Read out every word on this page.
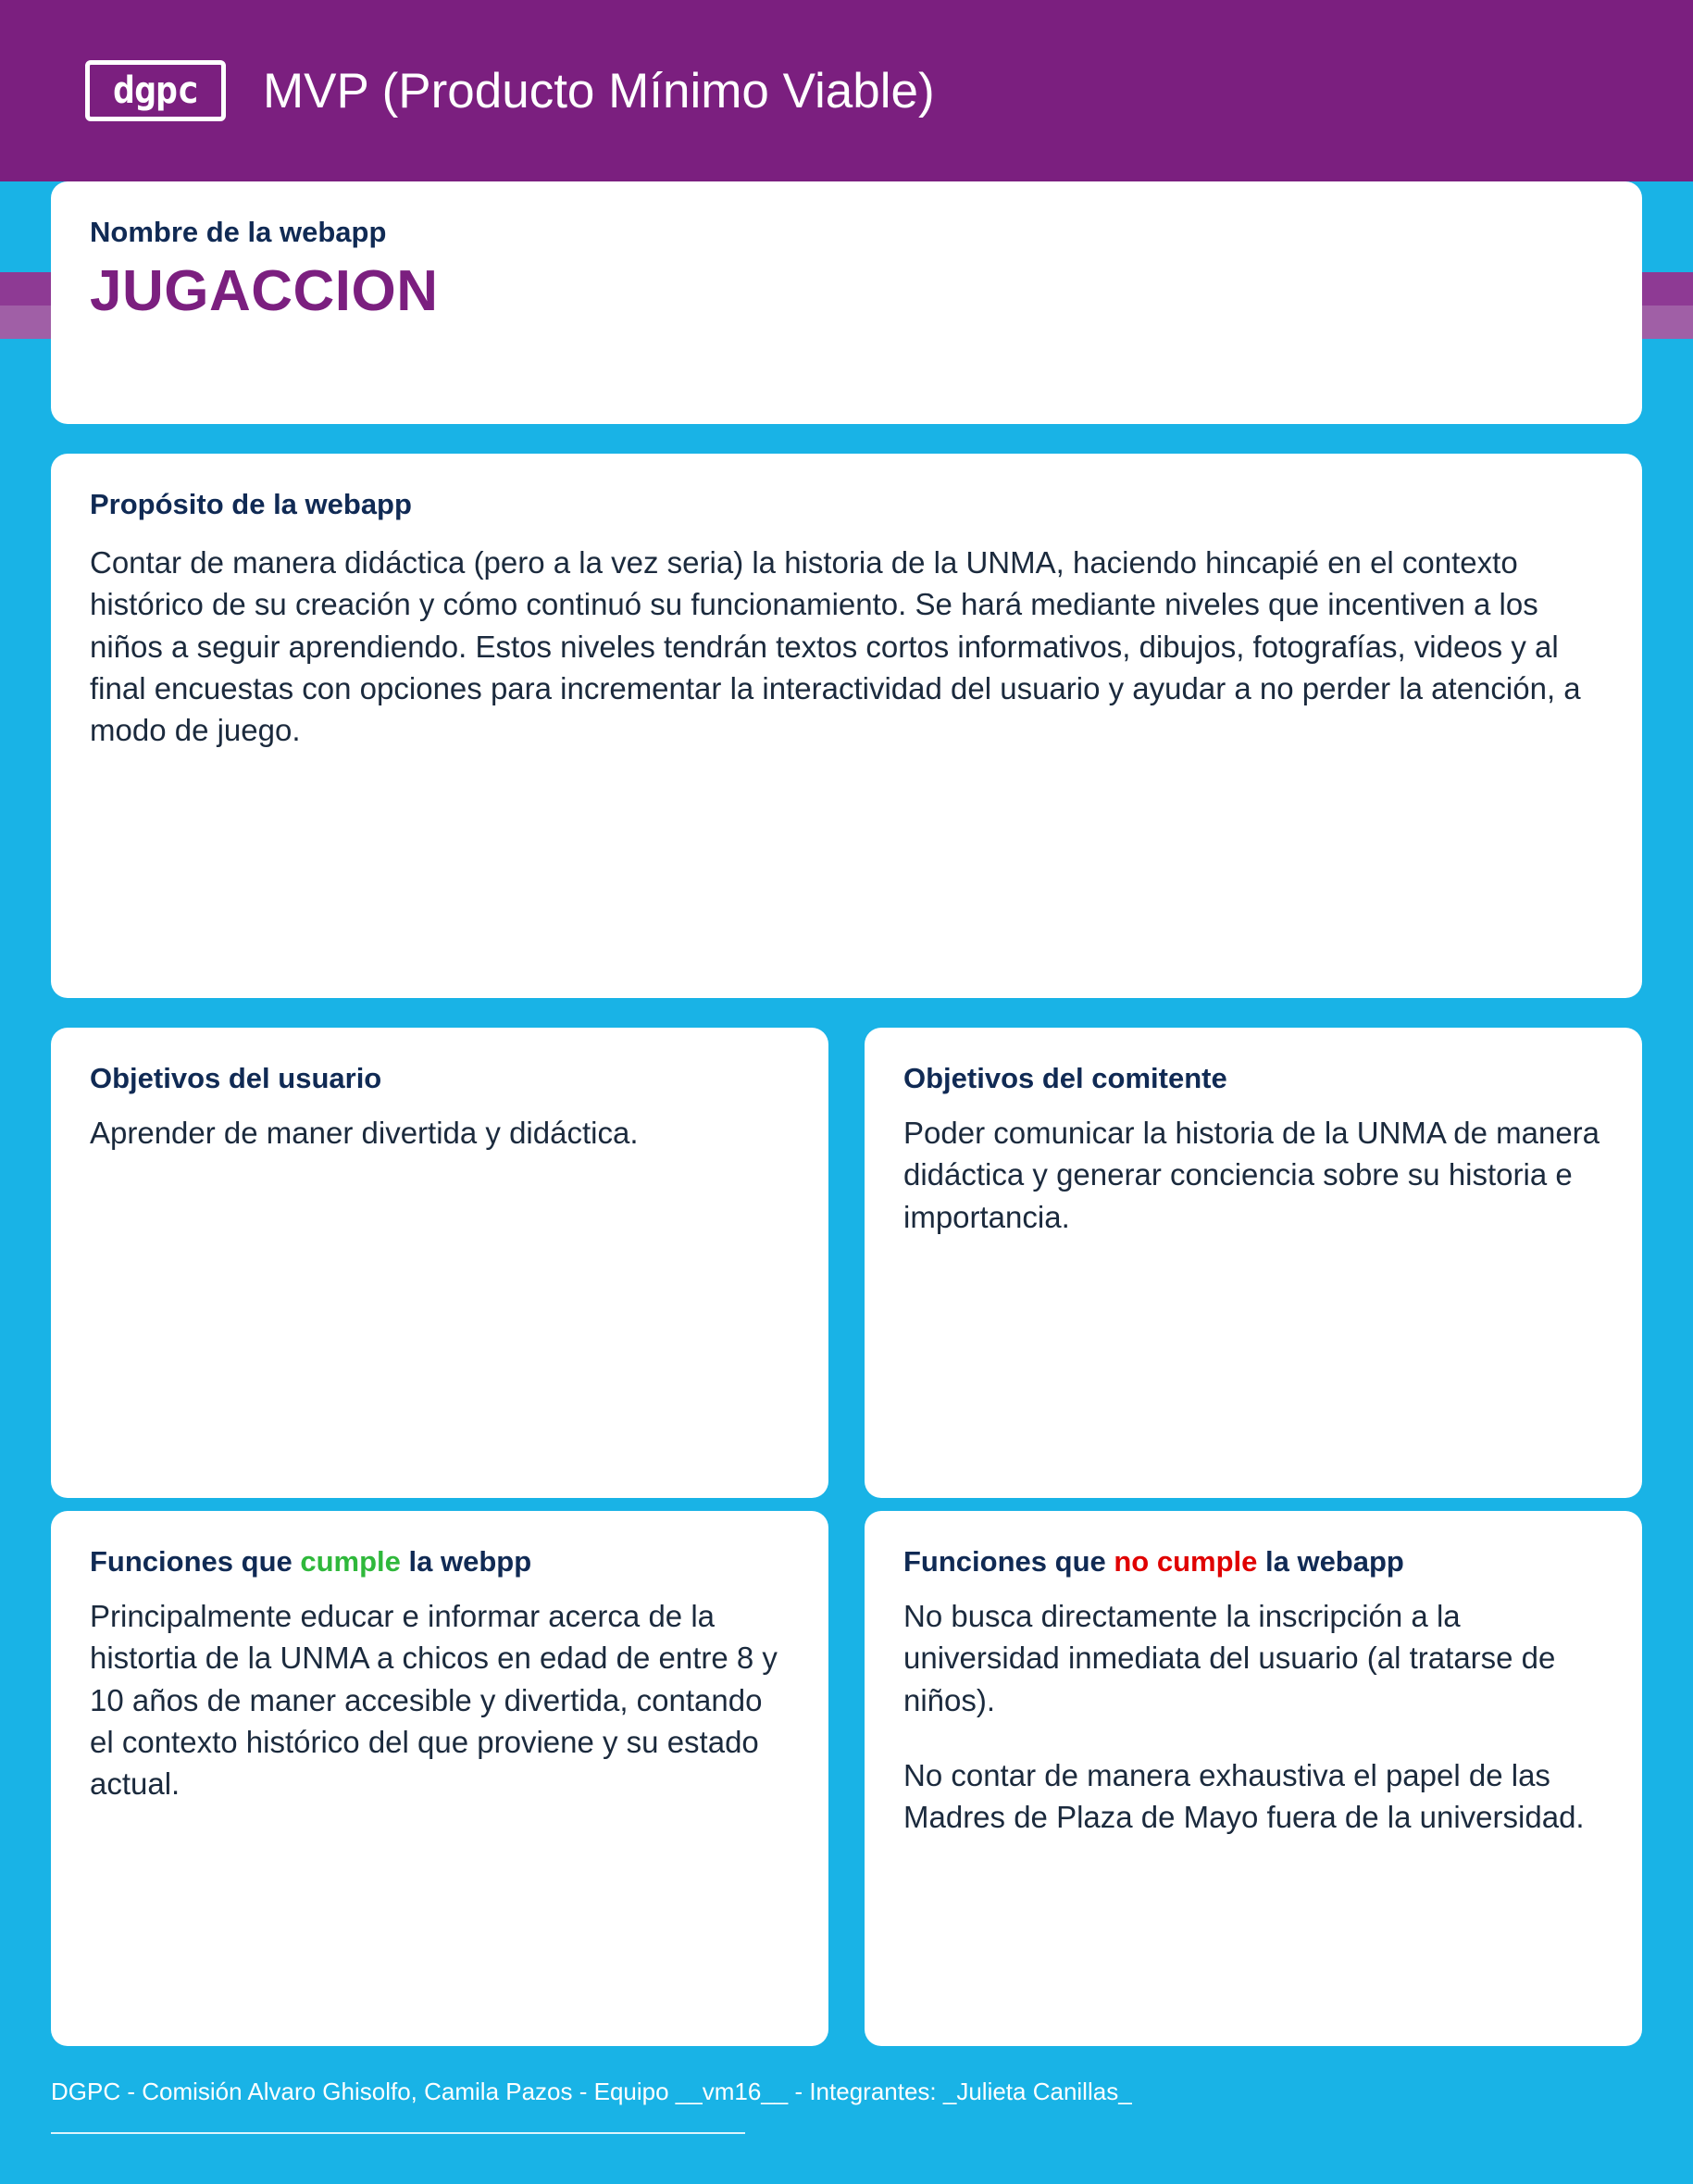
dgpc MVP (Producto Mínimo Viable)
Nombre de la webapp

JUGACCION

Propósito de la webapp

Contar de manera didáctica (pero a la vez seria) la historia de la UNMA, haciendo hincapié en el contexto histórico de su creación y cómo continuó su funcionamiento. Se hará mediante niveles que incentiven a los niños a seguir aprendiendo. Estos niveles tendrán textos cortos informativos, dibujos, fotografías, videos y al final encuestas con opciones para incrementar la interactividad del usuario y ayudar a no perder la atención, a modo de juego.

Objetivos del usuario

Aprender de maner divertida y didáctica.

Objetivos del comitente

Poder comunicar la historia de la UNMA de manera didáctica y generar conciencia sobre su historia e importancia.

Funciones que cumple la webpp

Principalmente educar e informar acerca de la histortia de la UNMA a chicos en edad de entre 8 y 10 años de maner accesible y divertida, contando el contexto histórico del que proviene y su estado actual.

Funciones que no cumple la webapp

No busca directamente la inscripción a la universidad inmediata del usuario (al tratarse de niños).

No contar de manera exhaustiva el papel de las Madres de Plaza de Mayo fuera de la universidad.

DGPC - Comisión Alvaro Ghisolfo, Camila Pazos - Equipo __vm16__ - Integrantes: _Julieta Canillas_
